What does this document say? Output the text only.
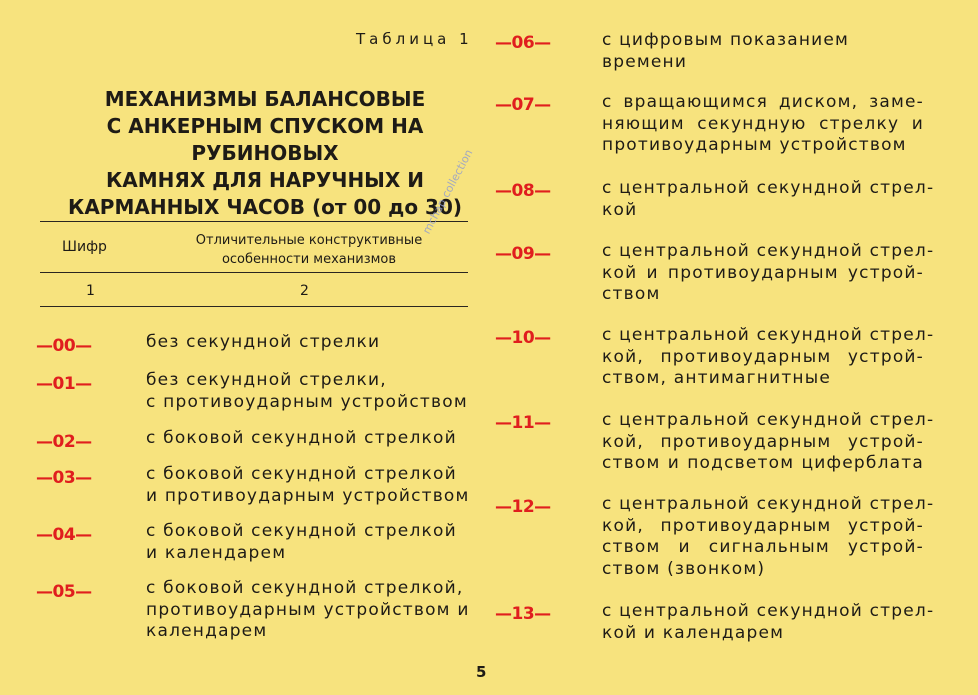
Таблица 1
МЕХАНИЗМЫ БАЛАНСОВЫЕ
С АНКЕРНЫМ СПУСКОМ НА РУБИНОВЫХ
КАМНЯХ ДЛЯ НАРУЧНЫХ И
КАРМАННЫХ ЧАСОВ (от 00 до 30)
Шифр	Отличительные конструктивные
особенности механизмов
1	2
—00—	без секундной стрелки
—01—	без секундной стрелки,
с противоударным устройством
—02—	с боковой секундной стрелкой
—03—	с боковой секундной стрелкой
и противоударным устройством
—04—	с боковой секундной стрелкой
и календарем
—05—	с боковой секундной стрелкой,
противоударным устройством и
календарем
—06—	с цифровым показанием
времени
—07—	с вращающимся диском, заме-
няющим секундную стрелку и
противоударным устройством
—08—	с центральной секундной стрел-
кой
—09—	с центральной секундной стрел-
кой и противоударным устрой-
ством
—10—	с центральной секундной стрел-
кой, противоударным устрой-
ством, антимагнитные
—11—	с центральной секундной стрел-
кой, противоударным устрой-
ством и подсветом циферблата
—12—	с центральной секундной стрел-
кой, противоударным устрой-
ством и сигнальным устрой-
ством (звонком)
—13—	с центральной секундной стрел-
кой и календарем
mchap collection
5
